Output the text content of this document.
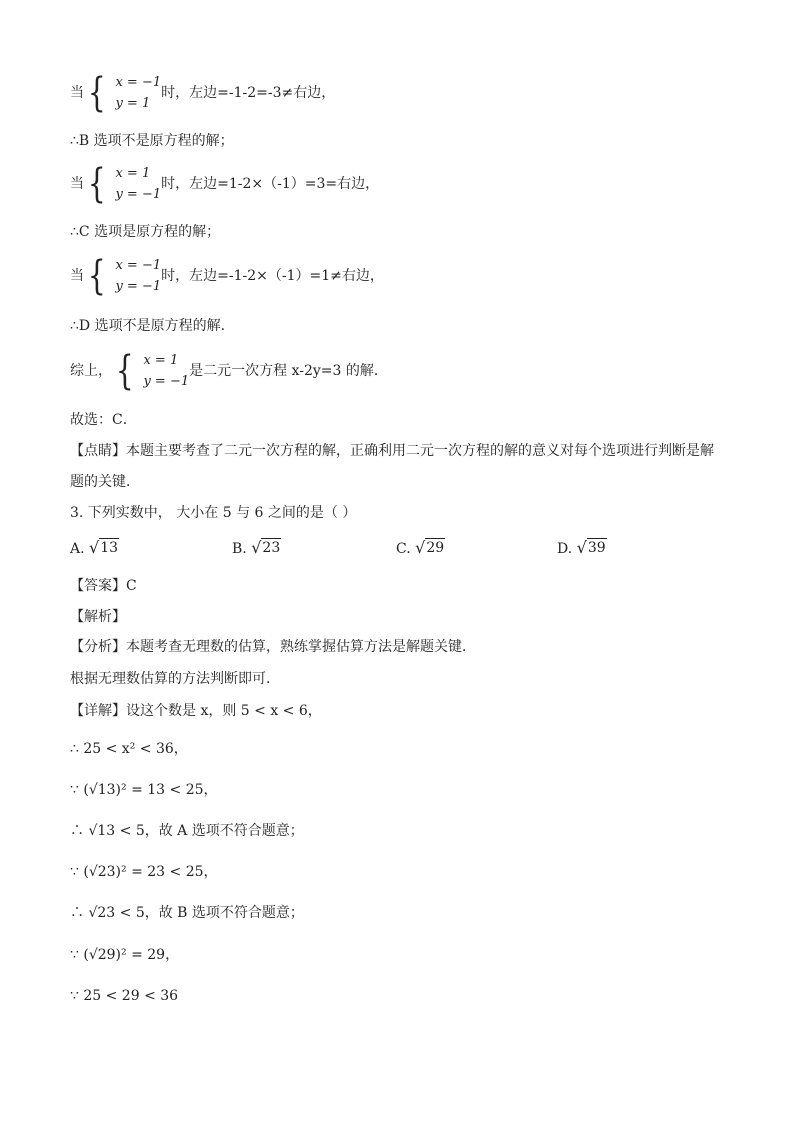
当 { x = −1
y = 1
时，左边=-1-2=-3≠右边，
∴B 选项不是原方程的解；
当 { x = 1
y = −1
时，左边=1-2×（-1）=3=右边，
∴C 选项是原方程的解；
当 { x = −1
y = −1
时，左边=-1-2×（-1）=1≠右边，
∴D 选项不是原方程的解．
综上， { x = 1
y = −1
是二元一次方程 x-2y=3 的解．
故选：C．
【点睛】本题主要考查了二元一次方程的解，正确利用二元一次方程的解的意义对每个选项进行判断是解
题的关键．
3. 下列实数中， 大小在 5 与 6 之间的是（ ）
A. √ 13	B. √ 23	C. √ 29	D. √ 39
【答案】C
【解析】
【分析】本题考查无理数的估算，熟练掌握估算方法是解题关键．
根据无理数估算的方法判断即可．
【详解】设这个数是 x，则 5 < x < 6，
∴ 25 < x² < 36，
∵ (√13)² = 13 < 25，
∴ √13 < 5，故 A 选项不符合题意；
∵ (√23)² = 23 < 25，
∴ √23 < 5，故 B 选项不符合题意；
∵ (√29)² = 29，
∵ 25 < 29 < 36
